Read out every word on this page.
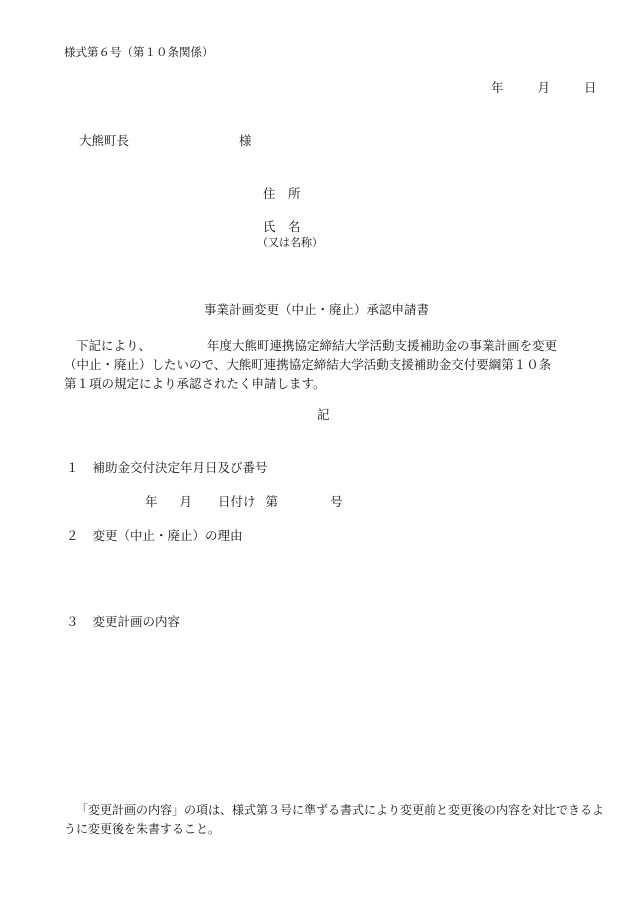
様式第６号（第１０条関係）
年	月	日
大熊町長	様
住　所
氏　名
（又は名称）
事業計画変更（中止・廃止）承認申請書
下記により、	年度大熊町連携協定締結大学活動支援補助金の事業計画を変更
（中止・廃止）したいので、大熊町連携協定締結大学活動支援補助金交付要綱第１０条
第１項の規定により承認されたく申請します。
記
１ 補助金交付決定年月日及び番号
年 月 日付け 第	号
２ 変更（中止・廃止）の理由
３ 変更計画の内容
「変更計画の内容」の項は、様式第３号に準ずる書式により変更前と変更後の内容を対比できるよ
うに変更後を朱書すること。
